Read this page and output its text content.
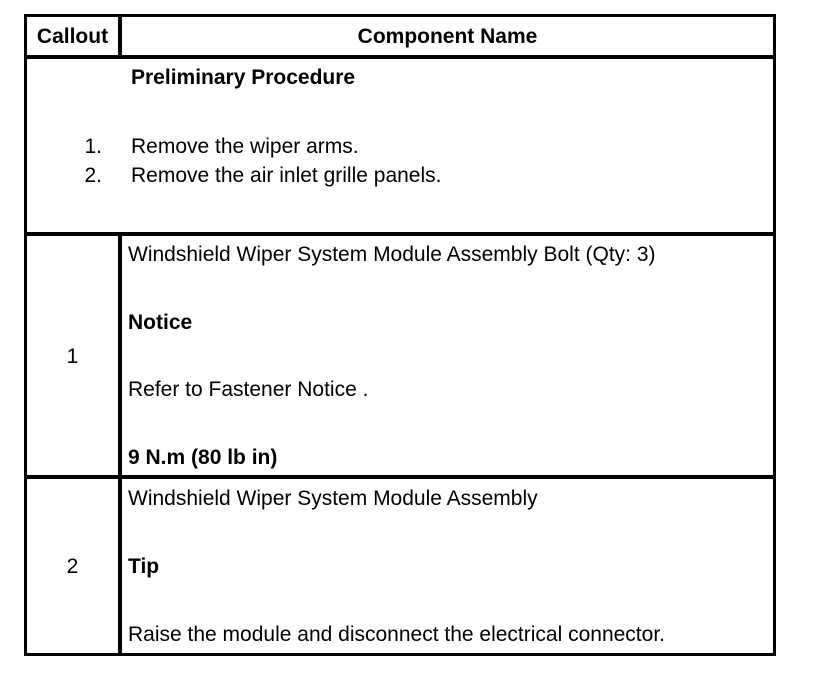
Callout	Component Name
Preliminary Procedure
1. Remove the wiper arms.
2. Remove the air inlet grille panels.
1
Windshield Wiper System Module Assembly Bolt (Qty: 3)
Notice
Refer to Fastener Notice .
9 N.m (80 lb in)
2
Windshield Wiper System Module Assembly
Tip
Raise the module and disconnect the electrical connector.
